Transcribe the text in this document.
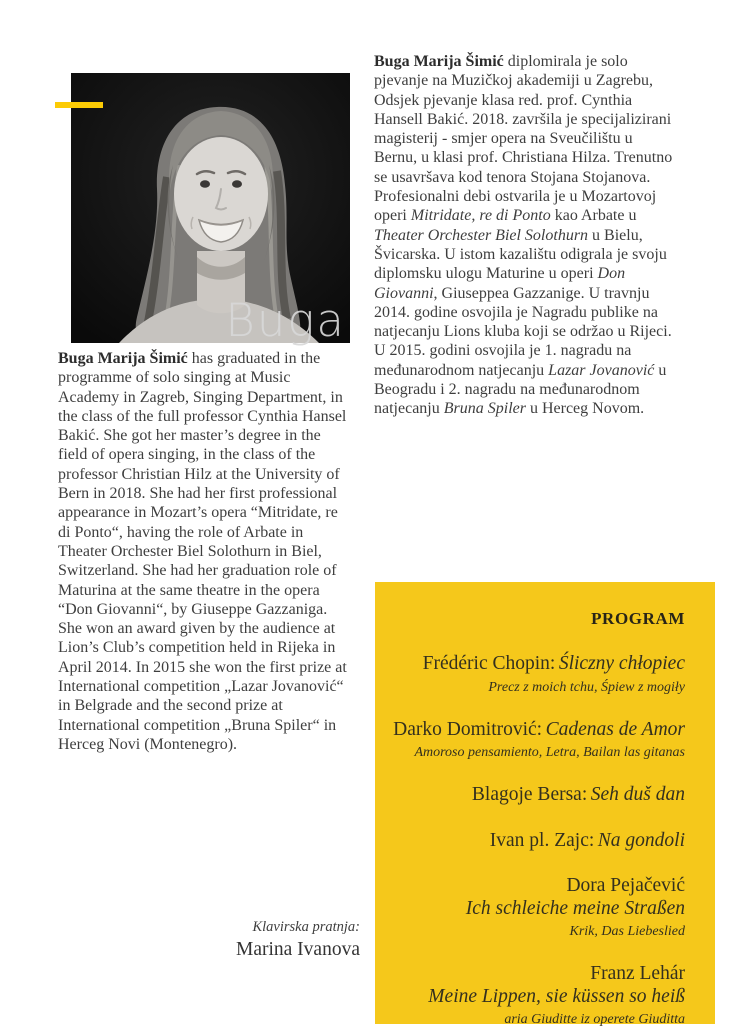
Buga
Buga Marija Šimić diplomirala je solo pjevanje na Muzičkoj akademiji u Zagrebu, Odsjek pjevanje klasa red. prof. Cynthia Hansell Bakić. 2018. završila je specijalizirani magisterij - smjer opera na Sveučilištu u Bernu, u klasi prof. Christiana Hilza. Trenutno se usavršava kod tenora Stojana Stojanova. Profesionalni debi ostvarila je u Mozartovoj operi Mitridate, re di Ponto kao Arbate u Theater Orchester Biel Solothurn u Bielu, Švicarska. U istom kazalištu odigrala je svoju diplomsku ulogu Maturine u operi Don Giovanni, Giuseppea Gazzanige. U travnju 2014. godine osvojila je Nagradu publike na natjecanju Lions kluba koji se održao u Rijeci. U 2015. godini osvojila je 1. nagradu na međunarodnom natjecanju Lazar Jovanović u Beogradu i 2. nagradu na međunarodnom natjecanju Bruna Spiler u Herceg Novom.
Buga Marija Šimić has graduated in the programme of solo singing at Music Academy in Zagreb, Singing Department, in the class of the full professor Cynthia Hansel Bakić. She got her master’s degree in the field of opera singing, in the class of the professor Christian Hilz at the University of Bern in 2018. She had her first professional appearance in Mozart’s opera “Mitridate, re di Ponto“, having the role of Arbate in Theater Orchester Biel Solothurn in Biel, Switzerland. She had her graduation role of Maturina at the same theatre in the opera “Don Giovanni“, by Giuseppe Gazzaniga. She won an award given by the audience at Lion’s Club’s competition held in Rijeka in April 2014. In 2015 she won the first prize at International competition „Lazar Jovanović“ in Belgrade and the second prize at International competition „Bruna Spiler“ in Herceg Novi (Montenegro).
Klavirska pratnja:
Marina Ivanova
PROGRAM
Frédéric Chopin: Śliczny chłopiec
Precz z moich tchu, Śpiew z mogiły
Darko Domitrović: Cadenas de Amor
Amoroso pensamiento, Letra, Bailan las gitanas
Blagoje Bersa: Seh duš dan
Ivan pl. Zajc: Na gondoli
Dora Pejačević
Ich schleiche meine Straßen
Krik, Das Liebeslied
Franz Lehár
Meine Lippen, sie küssen so heiß
aria Giuditte iz operete Giuditta
